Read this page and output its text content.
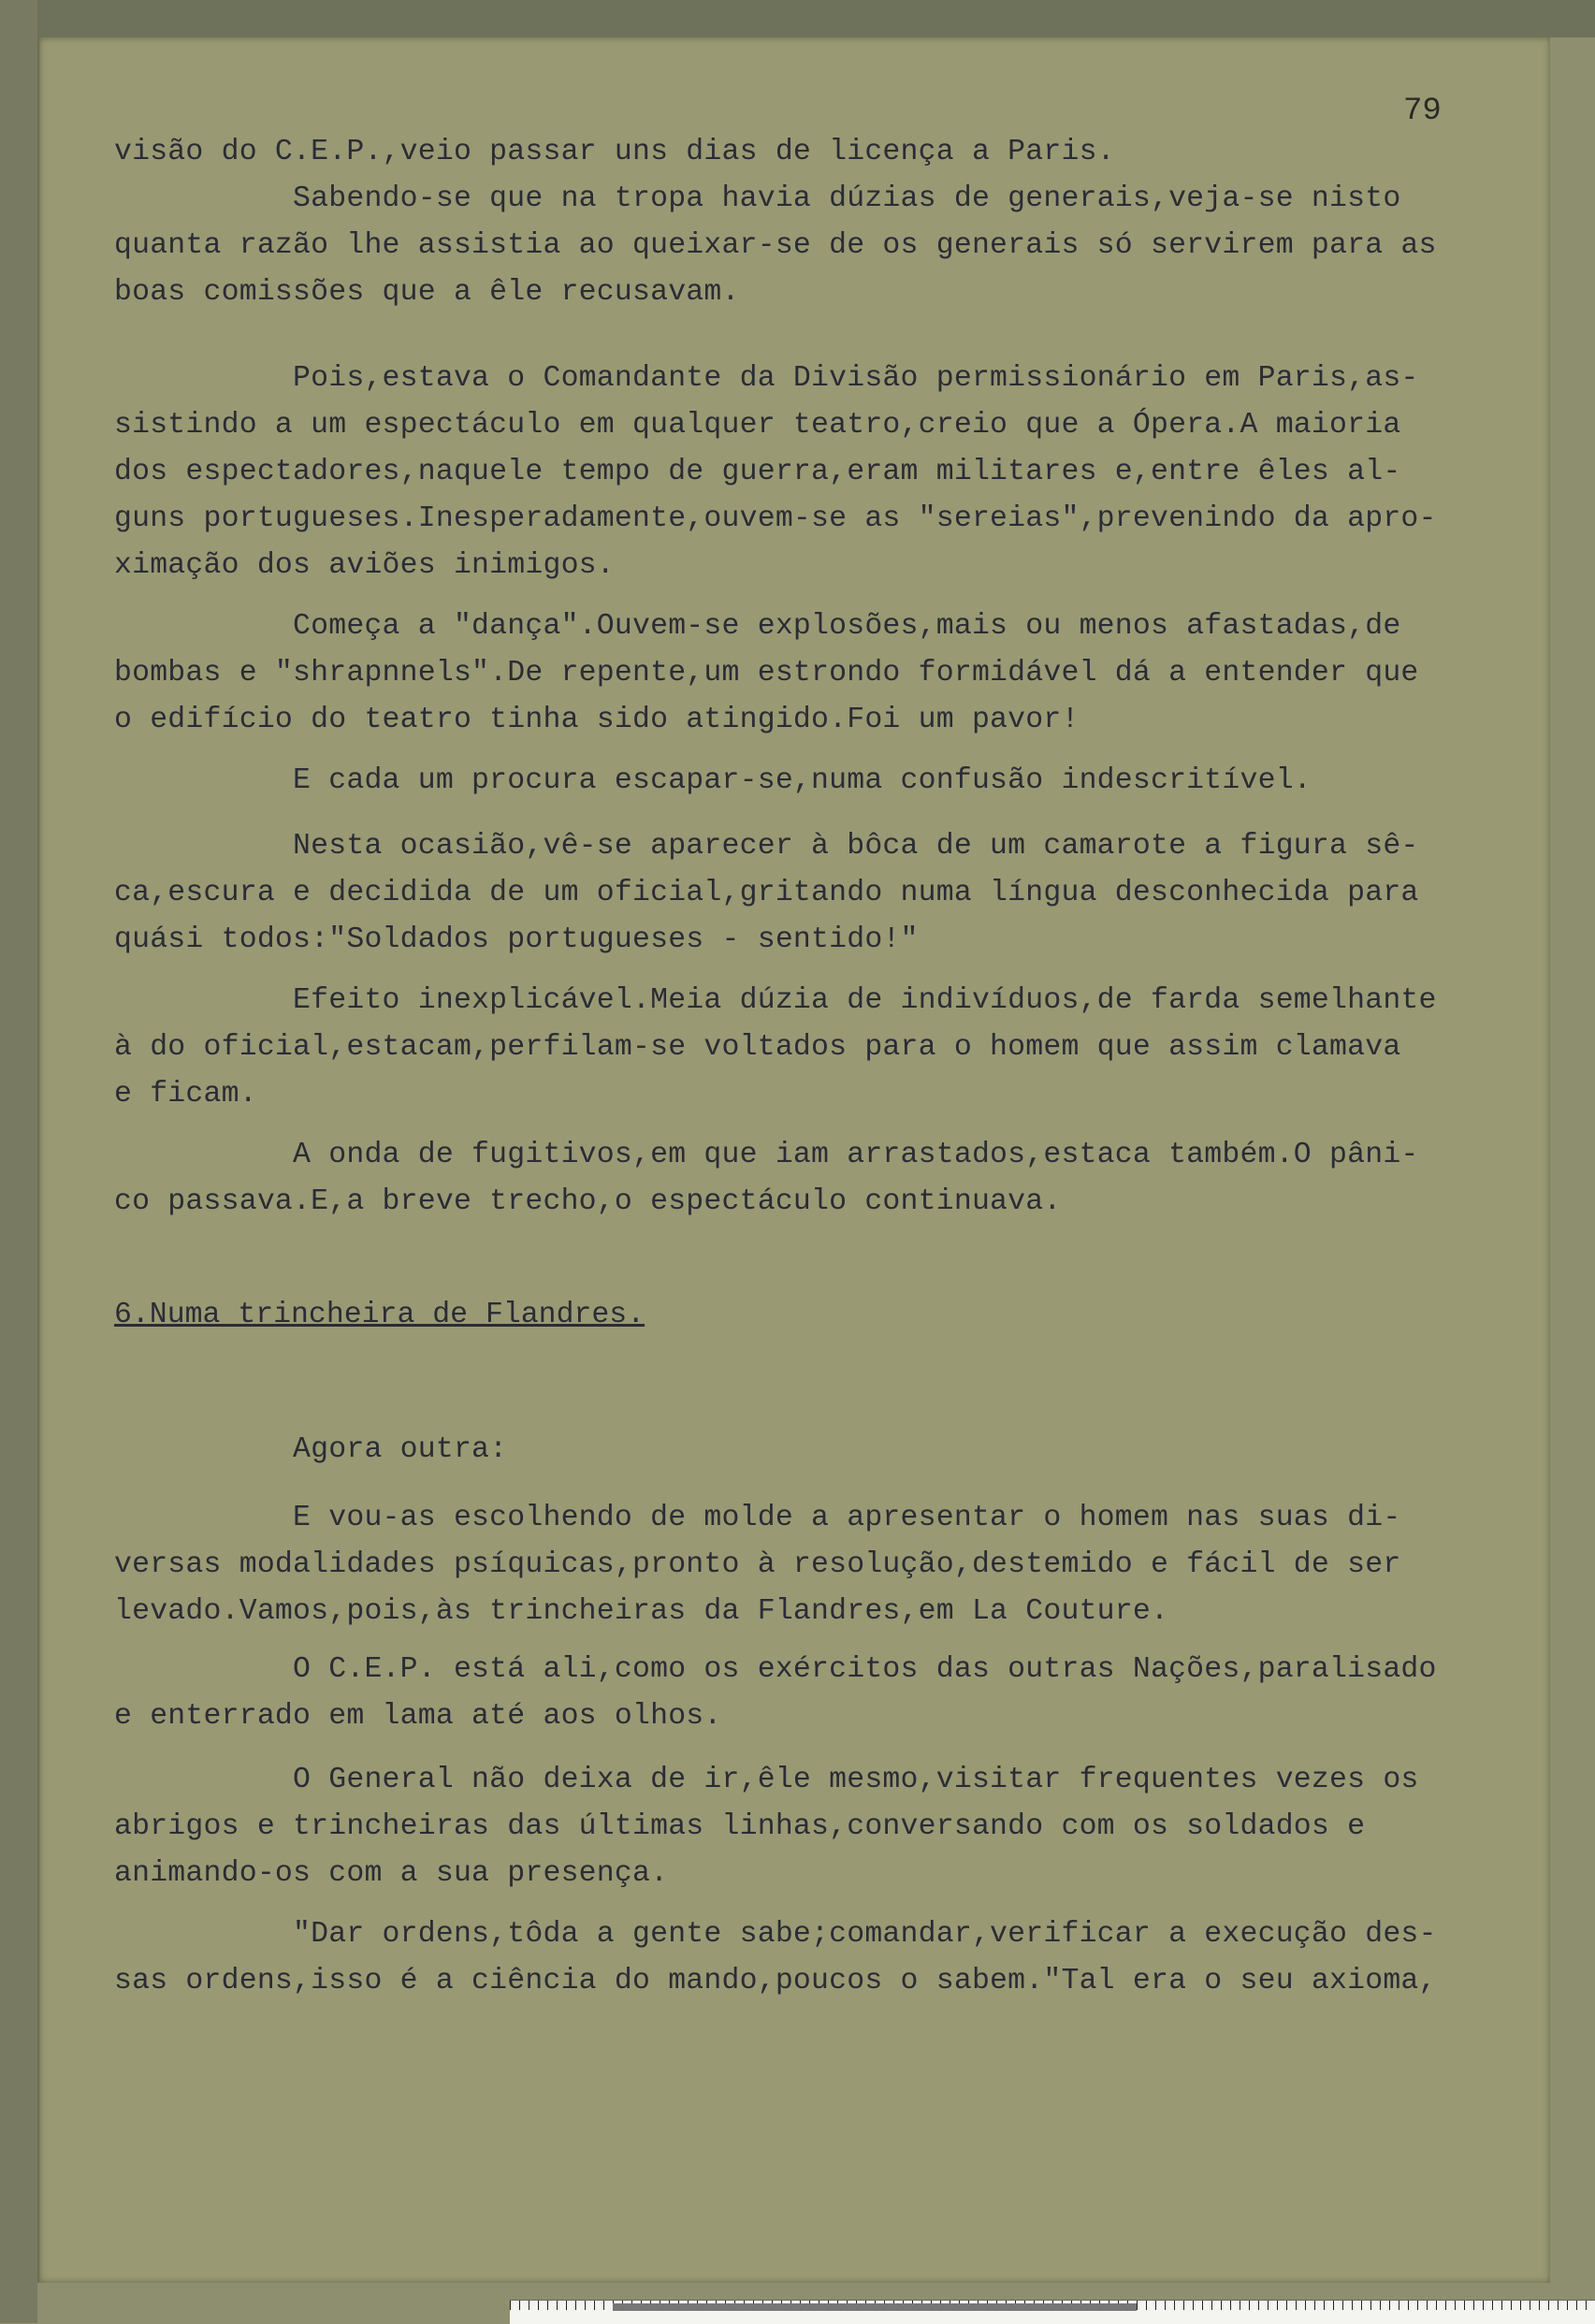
79
visão do C.E.P.,veio passar uns dias de licença a Paris.
Sabendo-se que na tropa havia dúzias de generais,veja-se nisto
quanta razão lhe assistia ao queixar-se de os generais só servirem para as
boas comissões que a êle recusavam.
Pois,estava o Comandante da Divisão permissionário em Paris,as-
sistindo a um espectáculo em qualquer teatro,creio que a Ópera.A maioria
dos espectadores,naquele tempo de guerra,eram militares e,entre êles al-
guns portugueses.Inesperadamente,ouvem-se as "sereias",prevenindo da apro-
ximação dos aviões inimigos.
Começa a "dança".Ouvem-se explosões,mais ou menos afastadas,de
bombas e "shrapnnels".De repente,um estrondo formidável dá a entender que
o edifício do teatro tinha sido atingido.Foi um pavor!
E cada um procura escapar-se,numa confusão indescritível.
Nesta ocasião,vê-se aparecer à bôca de um camarote a figura sê-
ca,escura e decidida de um oficial,gritando numa língua desconhecida para
quási todos:"Soldados portugueses - sentido!"
Efeito inexplicável.Meia dúzia de indivíduos,de farda semelhante
à do oficial,estacam,perfilam-se voltados para o homem que assim clamava
e ficam.
A onda de fugitivos,em que iam arrastados,estaca também.O pâni-
co passava.E,a breve trecho,o espectáculo continuava.
6.Numa trincheira de Flandres.
Agora outra:
E vou-as escolhendo de molde a apresentar o homem nas suas di-
versas modalidades psíquicas,pronto à resolução,destemido e fácil de ser
levado.Vamos,pois,às trincheiras da Flandres,em La Couture.
O C.E.P. está ali,como os exércitos das outras Nações,paralisado
e enterrado em lama até aos olhos.
O General não deixa de ir,êle mesmo,visitar frequentes vezes os
abrigos e trincheiras das últimas linhas,conversando com os soldados e
animando-os com a sua presença.
"Dar ordens,tôda a gente sabe;comandar,verificar a execução des-
sas ordens,isso é a ciência do mando,poucos o sabem."Tal era o seu axioma,
